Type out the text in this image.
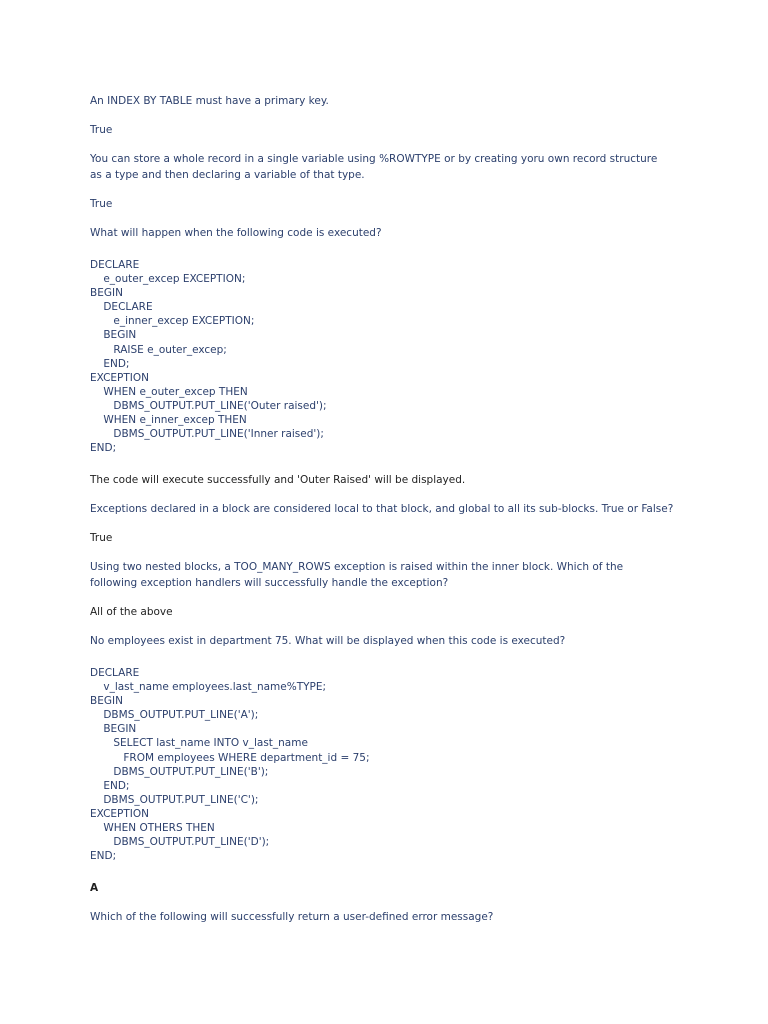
An INDEX BY TABLE must have a primary key.

True

You can store a whole record in a single variable using %ROWTYPE or by creating yoru own record structure as a type and then declaring a variable of that type.

True

What will happen when the following code is executed?

DECLARE
e_outer_excep EXCEPTION;
BEGIN
DECLARE
e_inner_excep EXCEPTION;
BEGIN
RAISE e_outer_excep;
END;
EXCEPTION
WHEN e_outer_excep THEN
DBMS_OUTPUT.PUT_LINE('Outer raised');
WHEN e_inner_excep THEN
DBMS_OUTPUT.PUT_LINE('Inner raised');
END;

The code will execute successfully and 'Outer Raised' will be displayed.

Exceptions declared in a block are considered local to that block, and global to all its sub-blocks. True or False?

True

Using two nested blocks, a TOO_MANY_ROWS exception is raised within the inner block. Which of the following exception handlers will successfully handle the exception?

All of the above

No employees exist in department 75. What will be displayed when this code is executed?

DECLARE
v_last_name employees.last_name%TYPE;
BEGIN
DBMS_OUTPUT.PUT_LINE('A');
BEGIN
SELECT last_name INTO v_last_name
FROM employees WHERE department_id = 75;
DBMS_OUTPUT.PUT_LINE('B');
END;
DBMS_OUTPUT.PUT_LINE('C');
EXCEPTION
WHEN OTHERS THEN
DBMS_OUTPUT.PUT_LINE('D');
END;

A

Which of the following will successfully return a user-defined error message?
